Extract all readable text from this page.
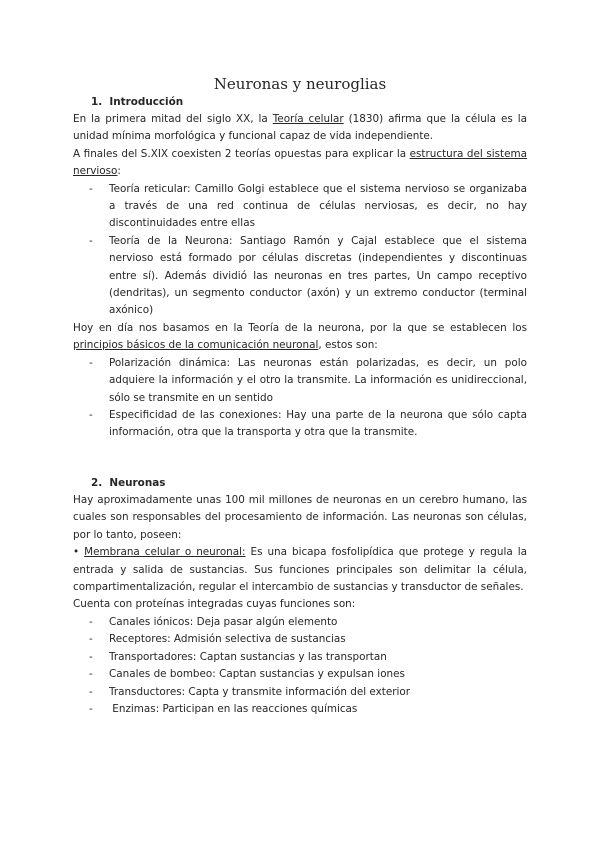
Neuronas y neuroglias
1.  Introducción

En la primera mitad del siglo XX, la Teoría celular (1830) afirma que la célula es la unidad mínima morfológica y funcional capaz de vida independiente.

A finales del S.XIX coexisten 2 teorías opuestas para explicar la estructura del sistema nervioso:

- Teoría reticular: Camillo Golgi establece que el sistema nervioso se organizaba a través de una red continua de células nerviosas, es decir, no hay discontinuidades entre ellas
- Teoría de la Neurona: Santiago Ramón y Cajal establece que el sistema nervioso está formado por células discretas (independientes y discontinuas entre sí). Además dividió las neuronas en tres partes, Un campo receptivo (dendritas), un segmento conductor (axón) y un extremo conductor (terminal axónico)

Hoy en día nos basamos en la Teoría de la neurona, por la que se establecen los principios básicos de la comunicación neuronal, estos son:

- Polarización dinámica: Las neuronas están polarizadas, es decir, un polo adquiere la información y el otro la transmite. La información es unidireccional, sólo se transmite en un sentido
- Especificidad de las conexiones: Hay una parte de la neurona que sólo capta información, otra que la transporta y otra que la transmite.
2.  Neuronas

Hay aproximadamente unas 100 mil millones de neuronas en un cerebro humano, las cuales son responsables del procesamiento de información. Las neuronas son células, por lo tanto, poseen:

• Membrana celular o neuronal: Es una bicapa fosfolipídica que protege y regula la entrada y salida de sustancias. Sus funciones principales son delimitar la célula, compartimentalización, regular el intercambio de sustancias y transductor de señales.

Cuenta con proteínas integradas cuyas funciones son:

- Canales iónicos: Deja pasar algún elemento
- Receptores: Admisión selectiva de sustancias
- Transportadores: Captan sustancias y las transportan
- Canales de bombeo: Captan sustancias y expulsan iones
- Transductores: Capta y transmite información del exterior
-  Enzimas: Participan en las reacciones químicas
